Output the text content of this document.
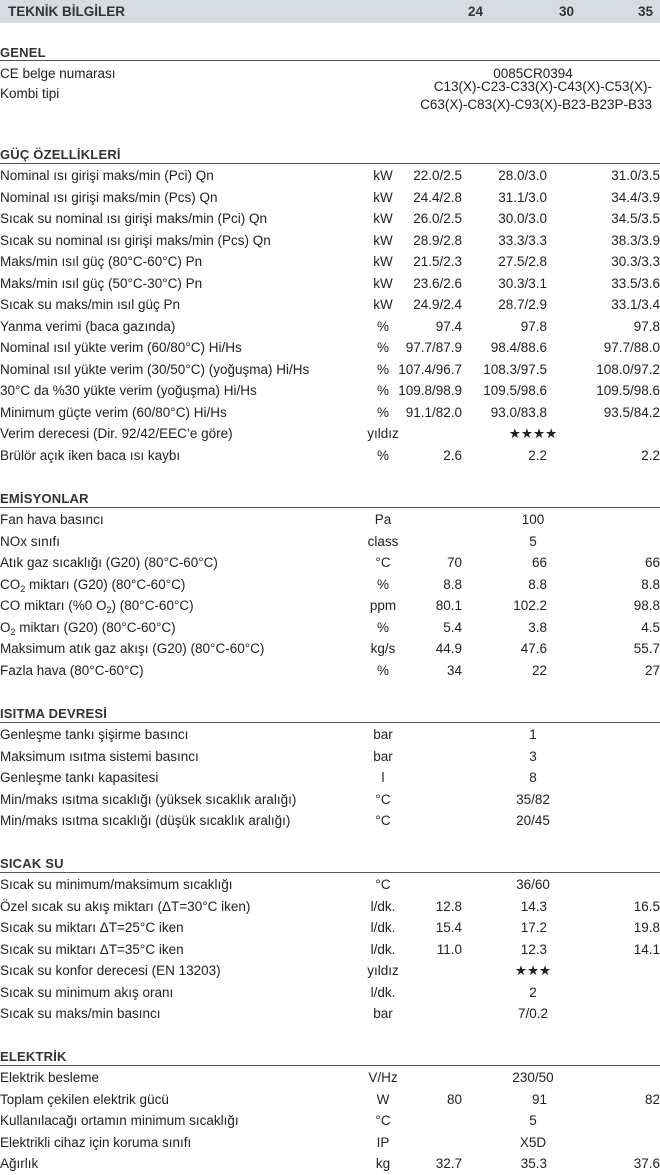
TEKNİK BİLGİLER	24	30	35
GENEL
CE belge numarası	0085CR0394
Kombi tipi	C13(X)-C23-C33(X)-C43(X)-C53(X)-
C63(X)-C83(X)-C93(X)-B23-B23P-B33
GÜÇ ÖZELLİKLERİ
Nominal ısı girişi maks/min (Pci) Qn	kW 22.0/2.5	28.0/3.0	31.0/3.5
Nominal ısı girişi maks/min (Pcs) Qn	kW 24.4/2.8	31.1/3.0	34.4/3.9
Sıcak su nominal ısı girişi maks/min (Pci) Qn	kW 26.0/2.5	30.0/3.0	34.5/3.5
Sıcak su nominal ısı girişi maks/min (Pcs) Qn	kW 28.9/2.8	33.3/3.3	38.3/3.9
Maks/min ısıl güç (80°C-60°C) Pn	kW 21.5/2.3	27.5/2.8	30.3/3.3
Maks/min ısıl güç (50°C-30°C) Pn	kW 23.6/2.6	30.3/3.1	33.5/3.6
Sıcak su maks/min ısıl güç Pn	kW 24.9/2.4	28.7/2.9	33.1/3.4
Yanma verimi (baca gazında)	%	97.4	97.8	97.8
Nominal ısıl yükte verim (60/80°C) Hi/Hs	% 97.7/87.9 98.4/88.6	97.7/88.0
Nominal ısıl yükte verim (30/50°C) (yoğuşma) Hi/Hs	% 107.4/96.7 108.3/97.5	108.0/97.2
30°C da %30 yükte verim (yoğuşma) Hi/Hs	% 109.8/98.9 109.5/98.6	109.5/98.6
Minimum güçte verim (60/80°C) Hi/Hs	% 91.1/82.0 93.0/83.8	93.5/84.2
Verim derecesi (Dir. 92/42/EEC’e göre)	yıldız	★★★★
Brülör açık iken baca ısı kaybı	%	2.6	2.2	2.2
EMİSYONLAR
Fan hava basıncı	Pa	100
NOx sınıfı	class	5
Atık gaz sıcaklığı (G20) (80°C-60°C)	°C	70	66	66
$CO_2$ miktarı (G20) (80°C-60°C)	%	8.8	8.8	8.8
CO miktarı (%0 $O_2$) (80°C-60°C)	ppm	80.1	102.2	98.8
$O_2$ miktarı (G20) (80°C-60°C)	%	5.4	3.8	4.5
Maksimum atık gaz akışı (G20) (80°C-60°C)	kg/s	44.9	47.6	55.7
Fazla hava (80°C-60°C)	%	34	22	27
ISITMA DEVRESİ
Genleşme tankı şişirme basıncı	bar	1
Maksimum ısıtma sistemi basıncı	bar	3
Genleşme tankı kapasitesi	l	8
Min/maks ısıtma sıcaklığı (yüksek sıcaklık aralığı)	°C	35/82
Min/maks ısıtma sıcaklığı (düşük sıcaklık aralığı)	°C	20/45
SICAK SU
Sıcak su minimum/maksimum sıcaklığı	°C	36/60
Özel sıcak su akış miktarı (ΔT=30°C iken)	l/dk.	12.8	14.3	16.5
Sıcak su miktarı ΔT=25°C iken	l/dk.	15.4	17.2	19.8
Sıcak su miktarı ΔT=35°C iken	l/dk.	11.0	12.3	14.1
Sıcak su konfor derecesi (EN 13203)	yıldız	★★★
Sıcak su minimum akış oranı	l/dk.	2
Sıcak su maks/min basıncı	bar	7/0.2
ELEKTRİK
Elektrik besleme	V/Hz	230/50
Toplam çekilen elektrik gücü	W	80	91	82
Kullanılacağı ortamın minimum sıcaklığı	°C	5
Elektrikli cihaz için koruma sınıfı	IP	X5D
Ağırlık	kg	32.7	35.3	37.6
